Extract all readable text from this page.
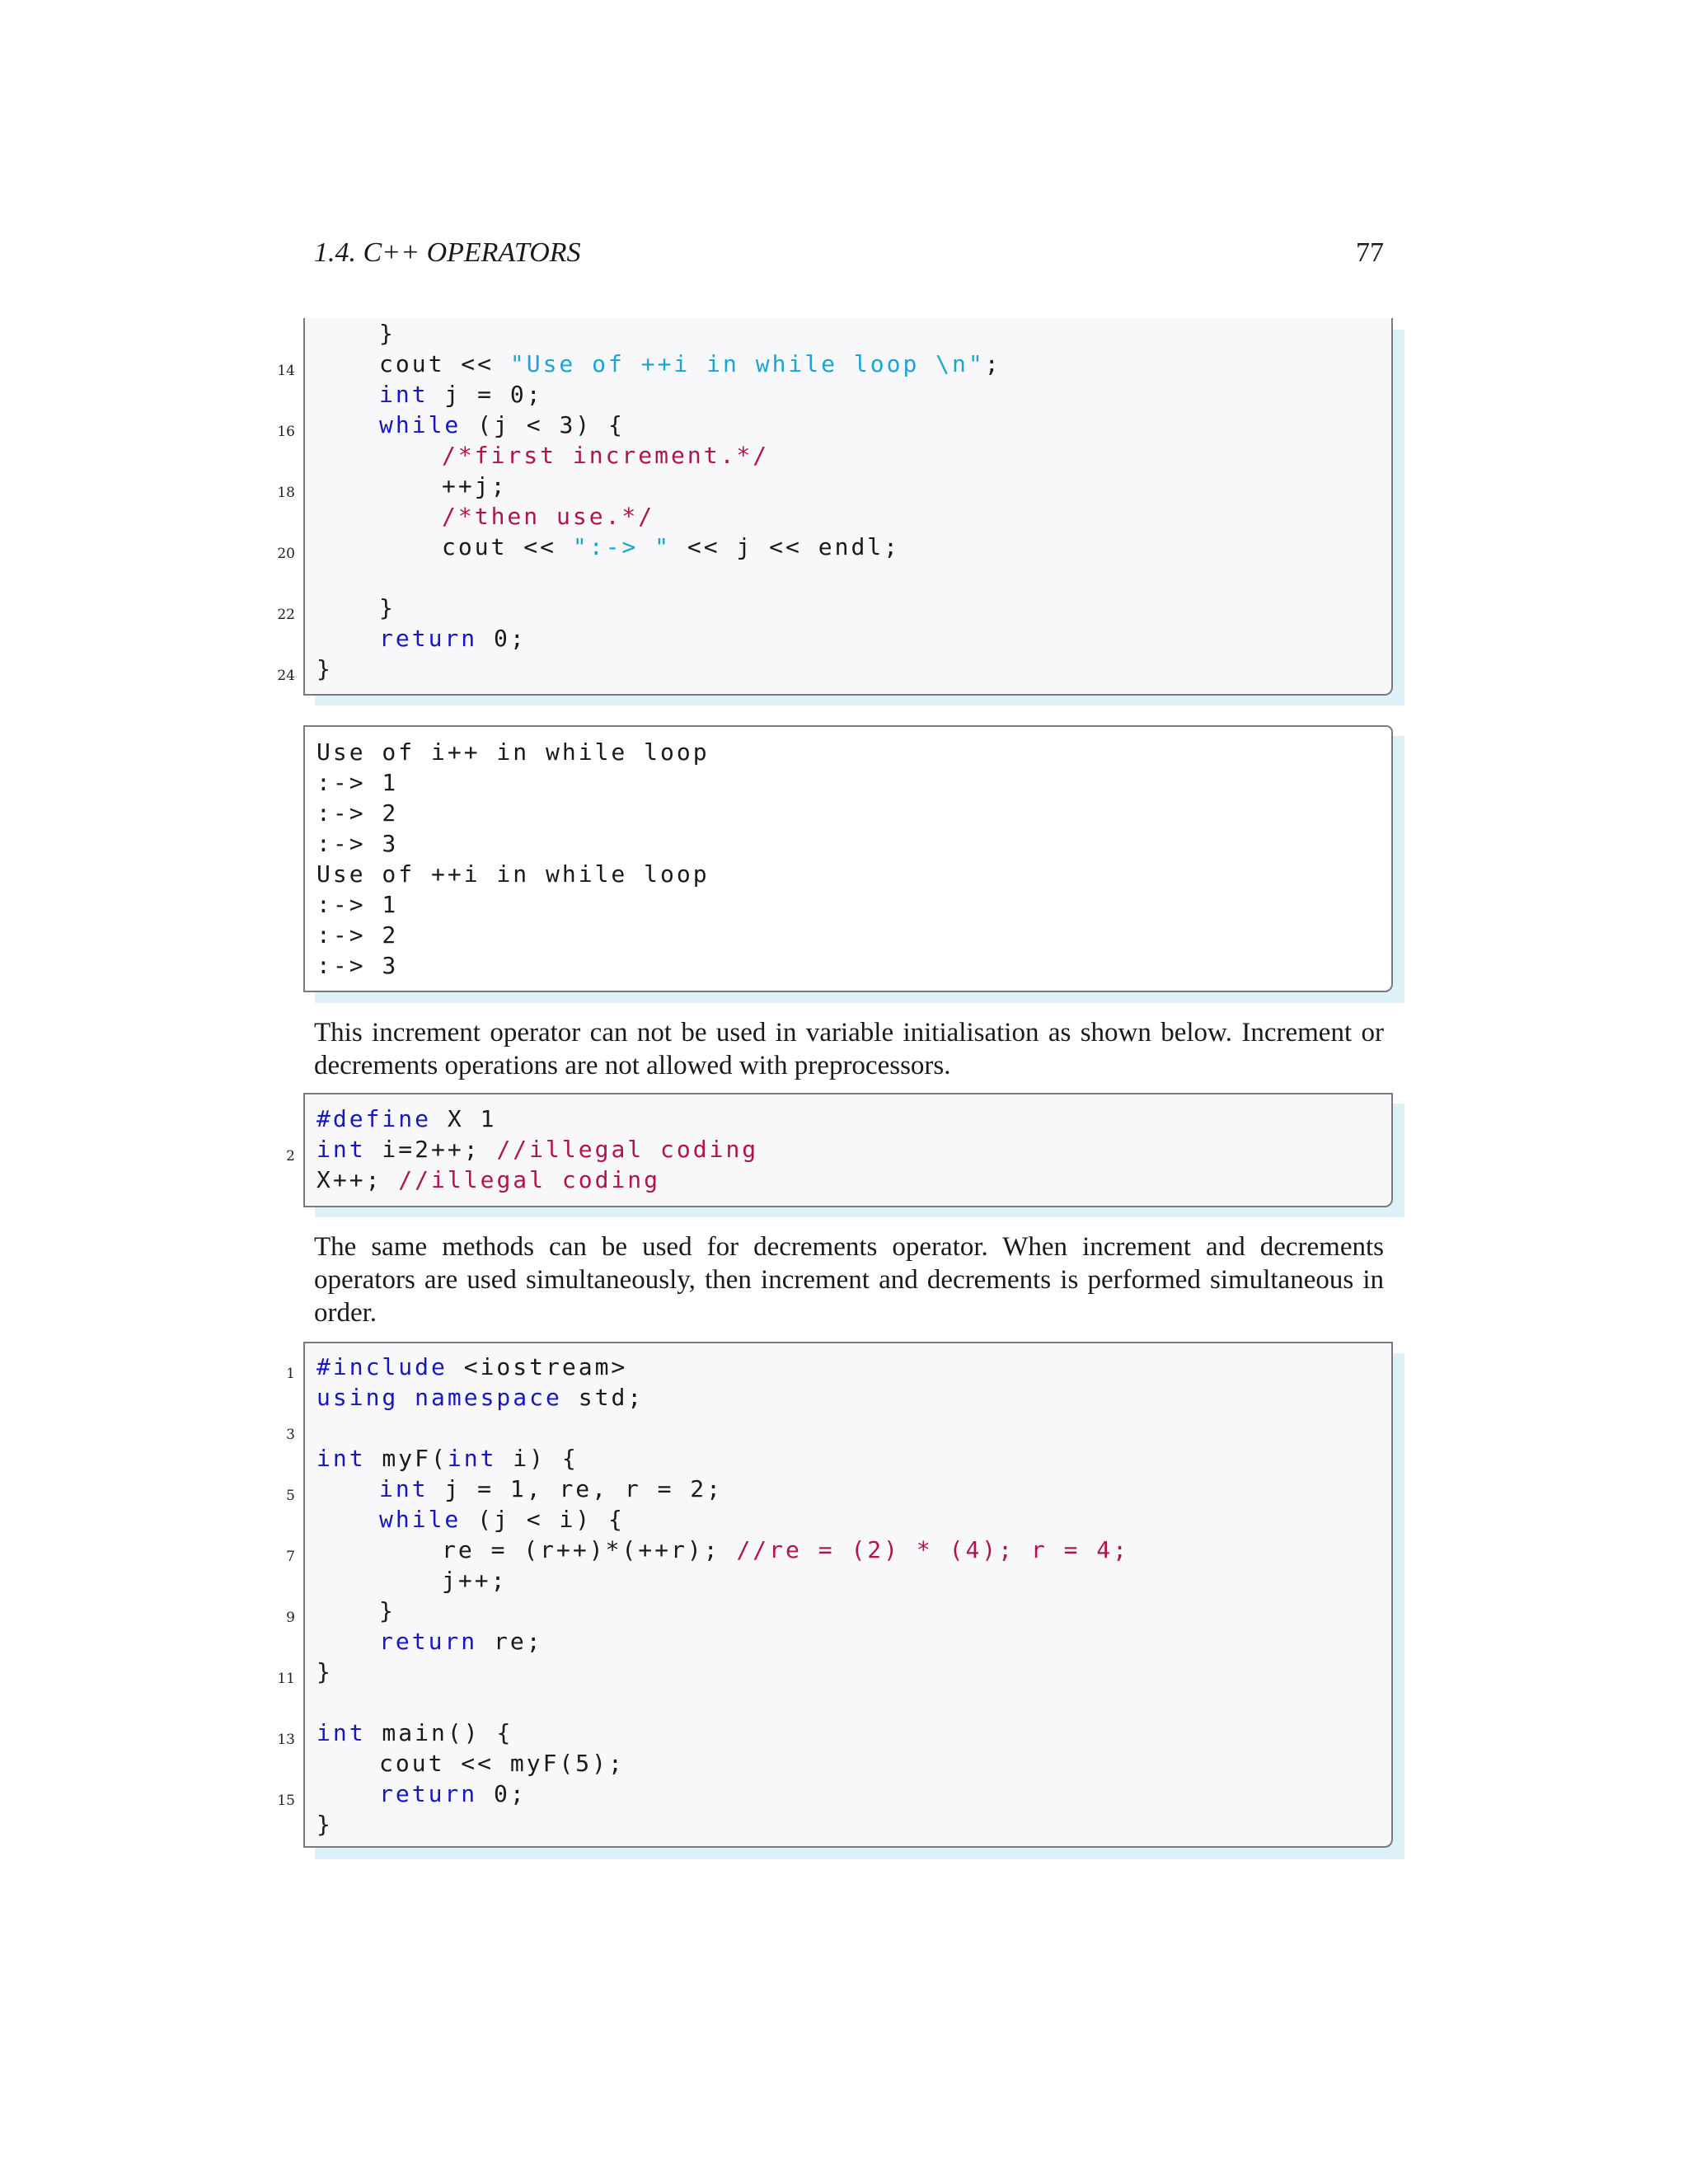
1.4. C++ OPERATORS	77
}
14	cout << "Use of ++i in while loop \n";
int j = 0;
16	while (j < 3) {
/*first increment.*/
18	++j;
/*then use.*/
20	cout << ":-> " << j << endl;
22	}
return 0;
24 }
Use of i++ in while loop
:-> 1
:-> 2
:-> 3
Use of ++i in while loop
:-> 1
:-> 2
:-> 3

This increment operator can not be used in variable initialisation as shown below. Increment or decrements operations are not allowed with preprocessors.

#define X 1
2 int i=2++; //illegal coding
X++; //illegal coding

The same methods can be used for decrements operator. When increment and decrements operators are used simultaneously, then increment and decrements is performed simultaneous in order.

1 #include <iostream>
using namespace std;
3
int myF(int i) {
5	int j = 1, re, r = 2;
while (j < i) {
7	re = (r++)*(++r); //re = (2) * (4); r = 4;
j++;
9	}
return re;
11 }
13 int main() {
cout << myF(5);
15	return 0;
}
